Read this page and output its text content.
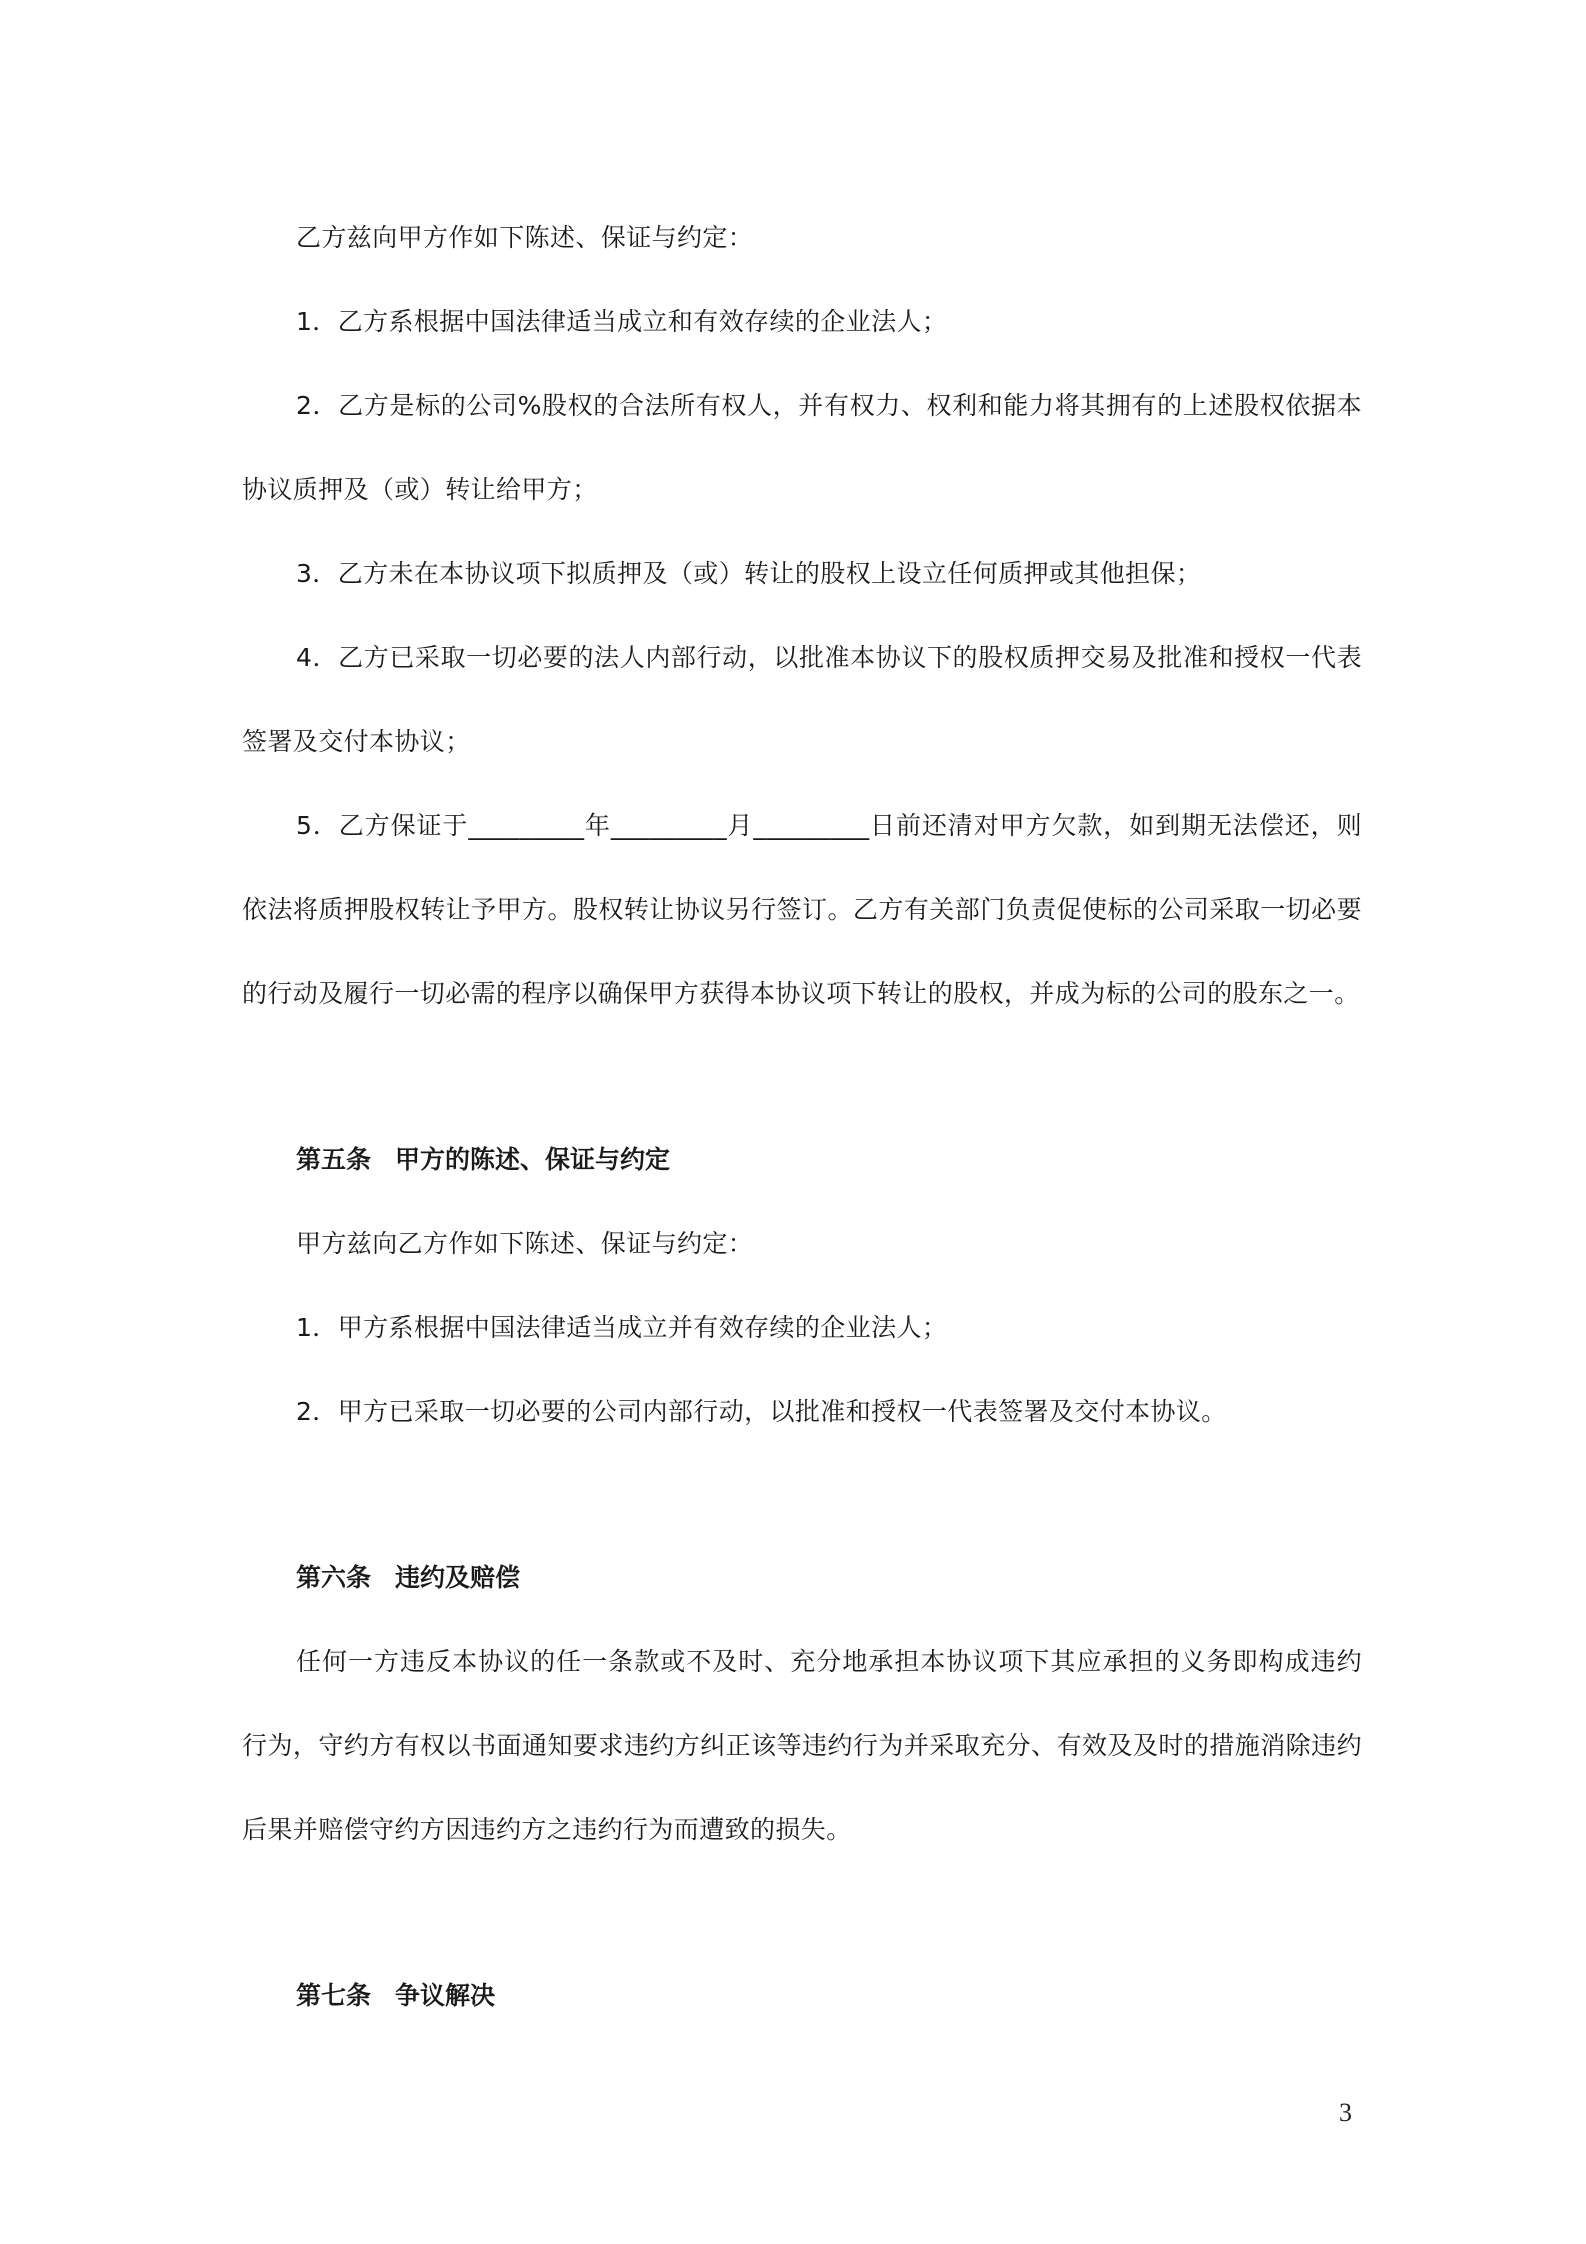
乙方兹向甲方作如下陈述、保证与约定：

1．乙方系根据中国法律适当成立和有效存续的企业法人；

2．乙方是标的公司%股权的合法所有权人，并有权力、权利和能力将其拥有的上述股权依据本协议质押及（或）转让给甲方；

3．乙方未在本协议项下拟质押及（或）转让的股权上设立任何质押或其他担保；

4．乙方已采取一切必要的法人内部行动，以批准本协议下的股权质押交易及批准和授权一代表签署及交付本协议；

5．乙方保证于_________年_________月_________日前还清对甲方欠款，如到期无法偿还，则依法将质押股权转让予甲方。股权转让协议另行签订。乙方有关部门负责促使标的公司采取一切必要的行动及履行一切必需的程序以确保甲方获得本协议项下转让的股权，并成为标的公司的股东之一。

第五条 甲方的陈述、保证与约定

甲方兹向乙方作如下陈述、保证与约定：

1．甲方系根据中国法律适当成立并有效存续的企业法人；

2．甲方已采取一切必要的公司内部行动，以批准和授权一代表签署及交付本协议。

第六条 违约及赔偿

任何一方违反本协议的任一条款或不及时、充分地承担本协议项下其应承担的义务即构成违约行为，守约方有权以书面通知要求违约方纠正该等违约行为并采取充分、有效及及时的措施消除违约后果并赔偿守约方因违约方之违约行为而遭致的损失。

第七条 争议解决

3
